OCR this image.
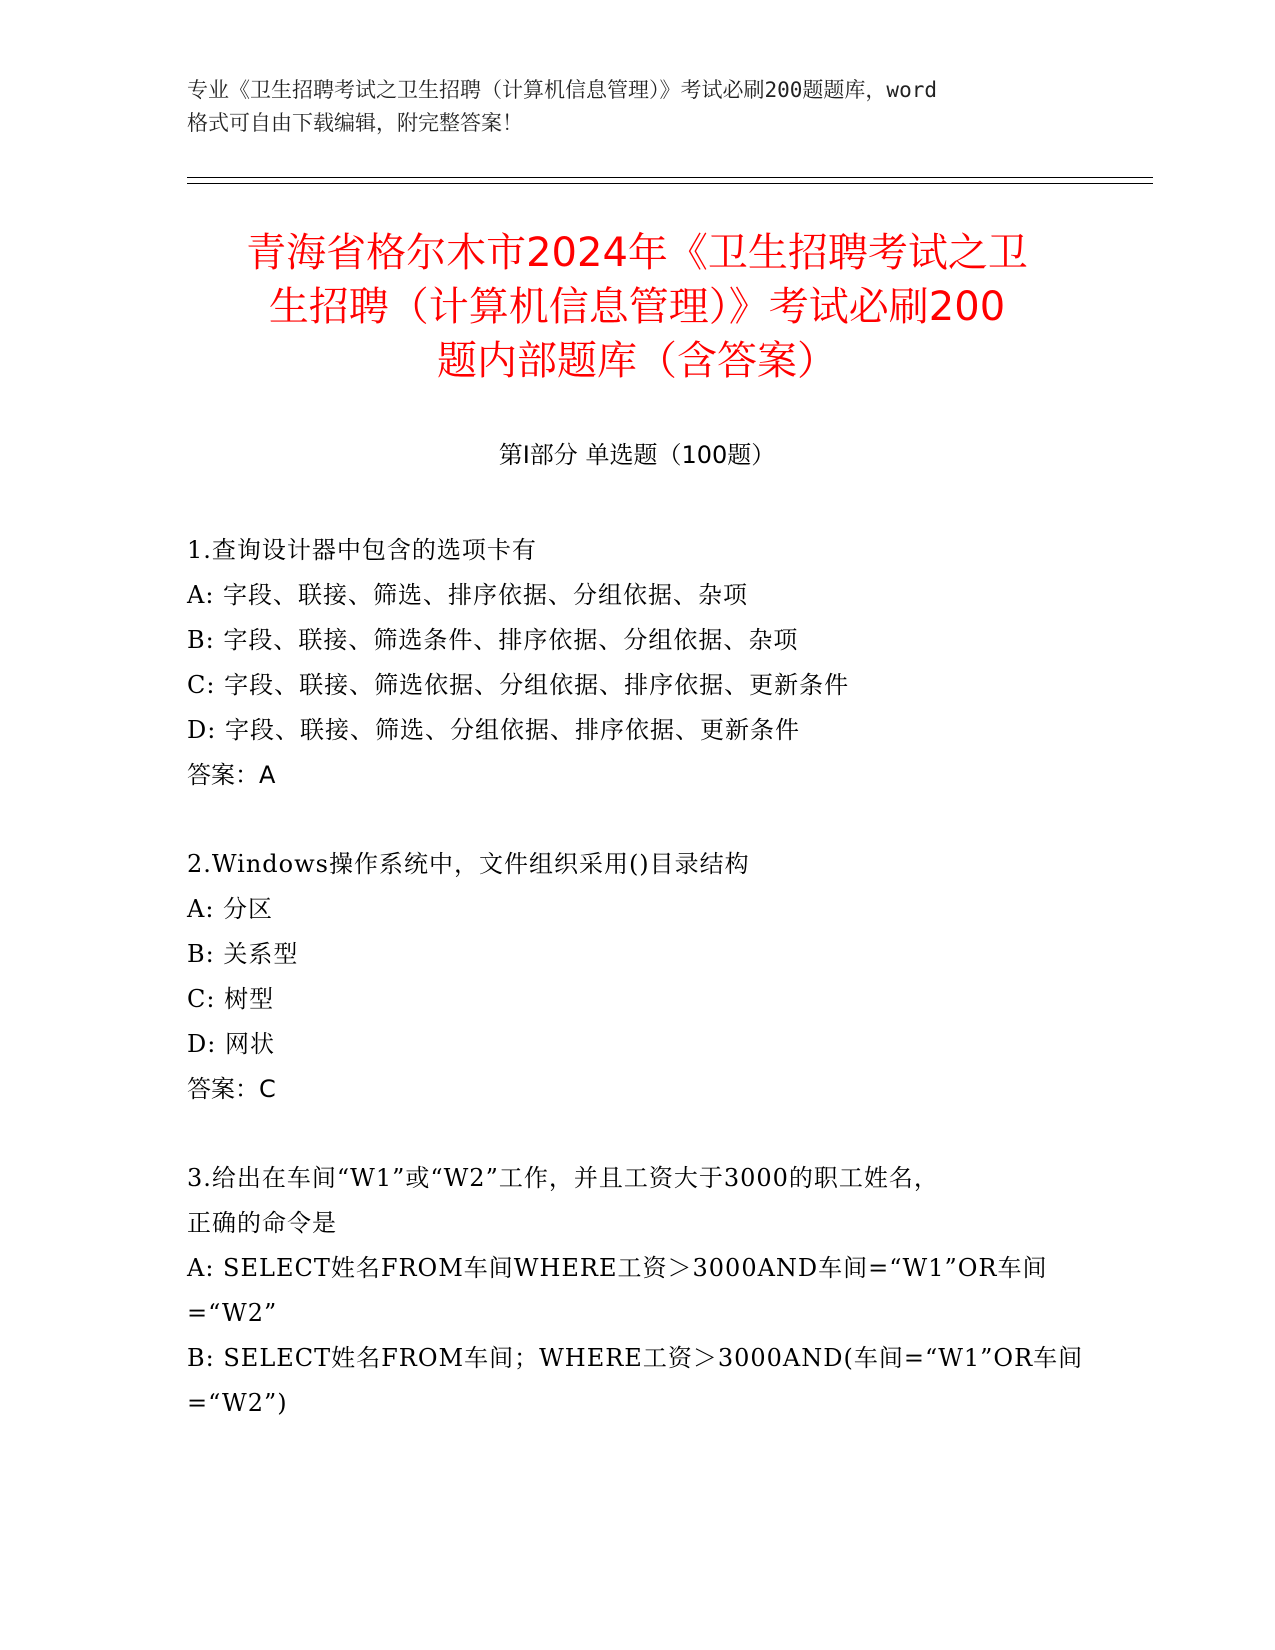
专业《卫生招聘考试之卫生招聘（计算机信息管理）》考试必刷200题题库，word
格式可自由下载编辑，附完整答案！
青海省格尔木市2024年《卫生招聘考试之卫
生招聘（计算机信息管理）》考试必刷200
题内部题库（含答案）
第Ⅰ部分 单选题（100题）
1.查询设计器中包含的选项卡有
A: 字段、联接、筛选、排序依据、分组依据、杂项
B: 字段、联接、筛选条件、排序依据、分组依据、杂项
C: 字段、联接、筛选依据、分组依据、排序依据、更新条件
D: 字段、联接、筛选、分组依据、排序依据、更新条件
答案：A
2.Windows操作系统中，文件组织采用()目录结构
A: 分区
B: 关系型
C: 树型
D: 网状
答案：C
3.给出在车间“W1”或“W2”工作，并且工资大于3000的职工姓名，
正确的命令是
A: SELECT姓名FROM车间WHERE工资＞3000AND车间=“W1”OR车间
=“W2”
B: SELECT姓名FROM车间；WHERE工资＞3000AND(车间=“W1”OR车间
=“W2”)
